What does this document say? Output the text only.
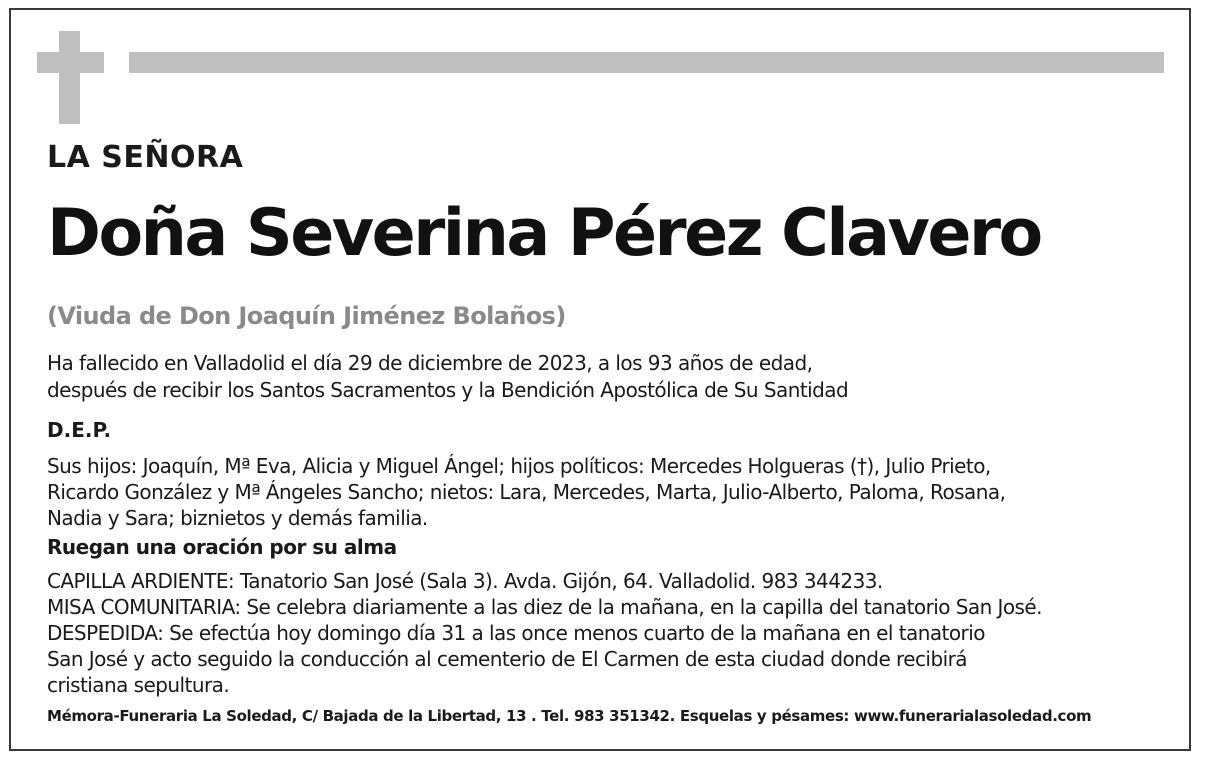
LA SEÑORA
Doña Severina Pérez Clavero
(Viuda de Don Joaquín Jiménez Bolaños)
Ha fallecido en Valladolid el día 29 de diciembre de 2023, a los 93 años de edad,
después de recibir los Santos Sacramentos y la Bendición Apostólica de Su Santidad
D.E.P.
Sus hijos: Joaquín, Mª Eva, Alicia y Miguel Ángel; hijos políticos: Mercedes Holgueras (†), Julio Prieto,
Ricardo González y Mª Ángeles Sancho; nietos: Lara, Mercedes, Marta, Julio-Alberto, Paloma, Rosana,
Nadia y Sara; biznietos y demás familia.
Ruegan una oración por su alma
CAPILLA ARDIENTE: Tanatorio San José (Sala 3). Avda. Gijón, 64. Valladolid. 983 344233.
MISA COMUNITARIA: Se celebra diariamente a las diez de la mañana, en la capilla del tanatorio San José.
DESPEDIDA: Se efectúa hoy domingo día 31 a las once menos cuarto de la mañana en el tanatorio
San José y acto seguido la conducción al cementerio de El Carmen de esta ciudad donde recibirá
cristiana sepultura.
Mémora-Funeraria La Soledad, C/ Bajada de la Libertad, 13 . Tel. 983 351342. Esquelas y pésames: www.funerarialasoledad.com
